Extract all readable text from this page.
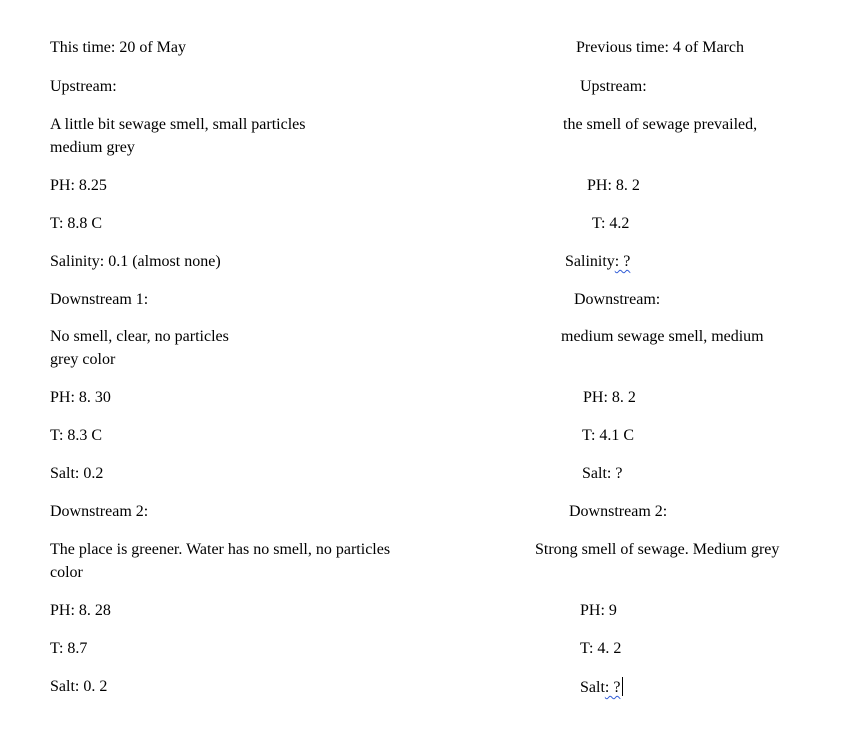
This time: 20 of May
Upstream:
A little bit sewage smell, small particles
medium grey
PH: 8.25
T: 8.8 C
Salinity: 0.1 (almost none)
Downstream 1:
No smell, clear, no particles
grey color
PH: 8. 30
T: 8.3 C
Salt: 0.2
Downstream 2:
The place is greener. Water has no smell, no particles
color
PH: 8. 28
T: 8.7
Salt: 0. 2
Previous time: 4 of March
Upstream:
the smell of sewage prevailed,
PH: 8. 2
T: 4.2
Salinity: ?
Downstream:
medium sewage smell, medium
PH: 8. 2
T: 4.1 C
Salt: ?
Downstream 2:
Strong smell of sewage. Medium grey
PH: 9
T: 4. 2
Salt: ?
